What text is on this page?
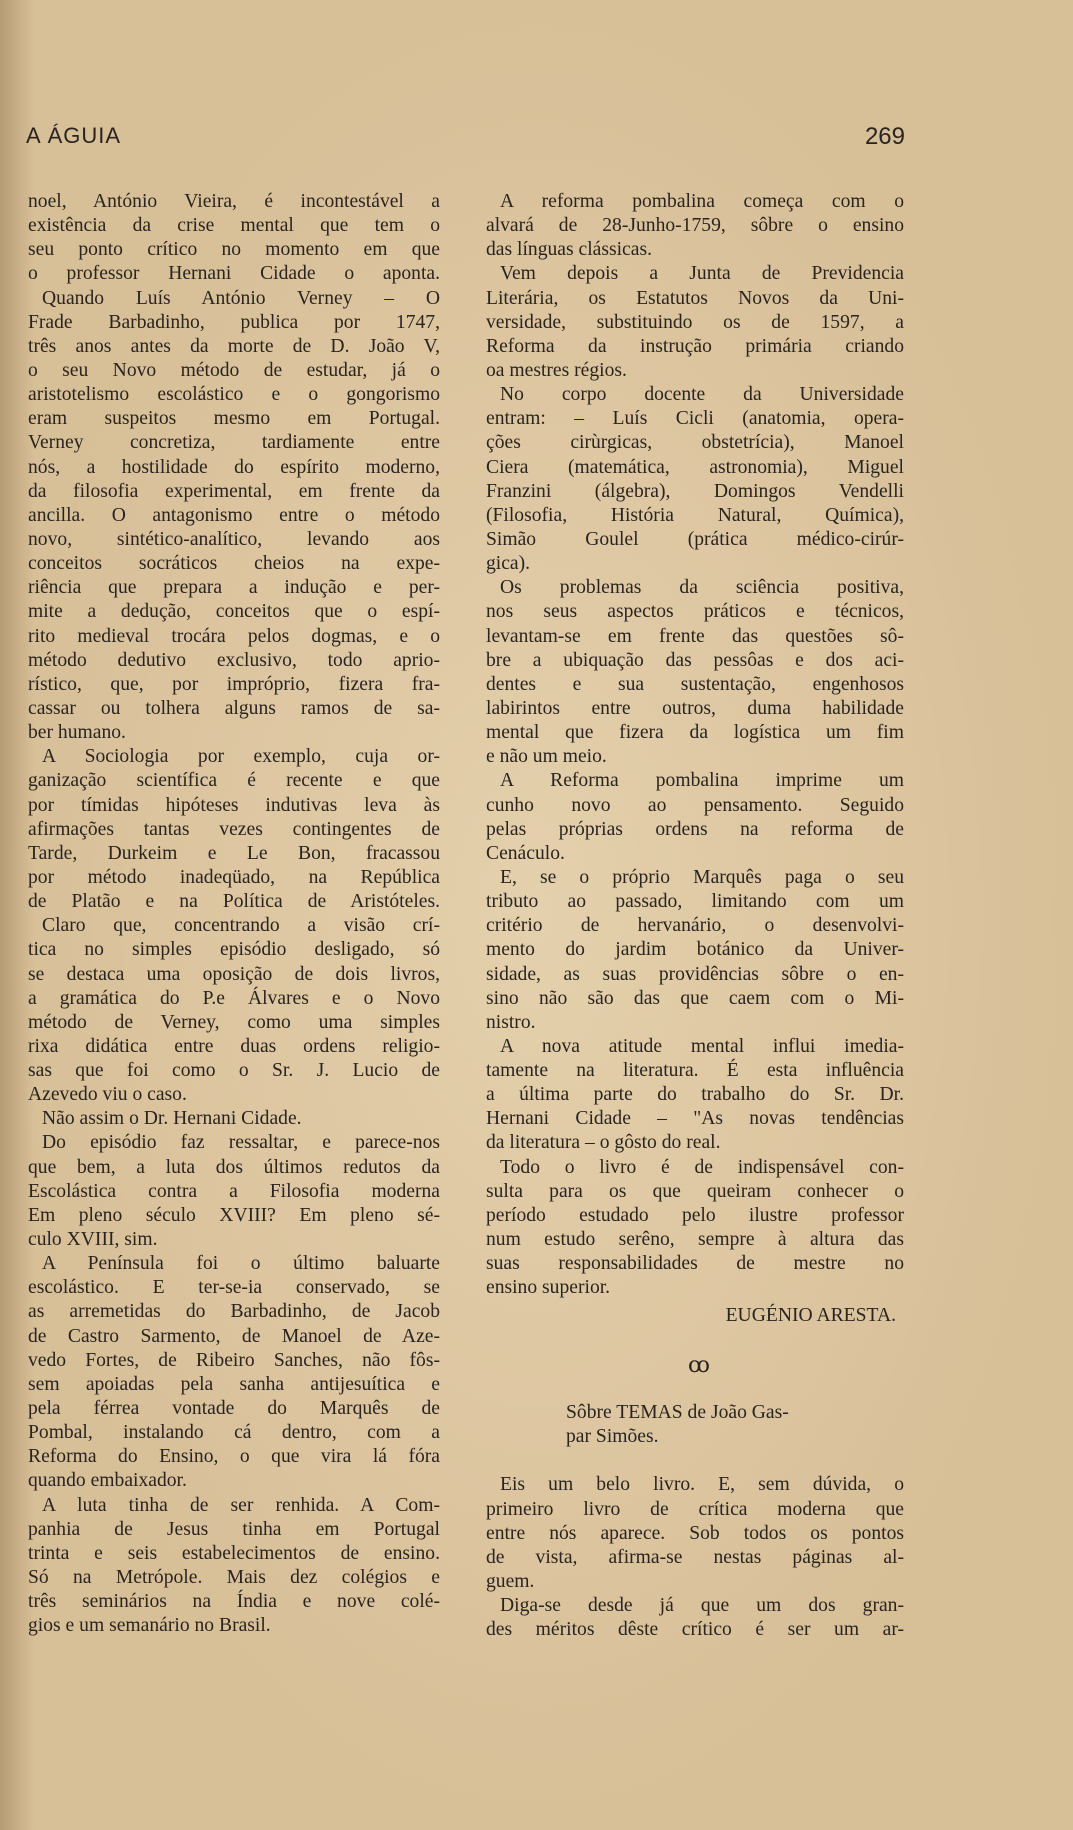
A ÁGUIA	269
noel, António Vieira, é incontestável a
existência da crise mental que tem o
seu ponto crítico no momento em que
o professor Hernani Cidade o aponta.
Quando Luís António Verney – O
Frade Barbadinho, publica por 1747,
três anos antes da morte de D. João V,
o seu Novo método de estudar, já o
aristotelismo escolástico e o gongorismo
eram suspeitos mesmo em Portugal.
Verney concretiza, tardiamente entre
nós, a hostilidade do espírito moderno,
da filosofia experimental, em frente da
ancilla. O antagonismo entre o método
novo, sintético-analítico, levando aos
conceitos socráticos cheios na expe-
riência que prepara a indução e per-
mite a dedução, conceitos que o espí-
rito medieval trocára pelos dogmas, e o
método dedutivo exclusivo, todo aprio-
rístico, que, por impróprio, fizera fra-
cassar ou tolhera alguns ramos de sa-
ber humano.
A Sociologia por exemplo, cuja or-
ganização scientífica é recente e que
por tímidas hipóteses indutivas leva às
afirmações tantas vezes contingentes de
Tarde, Durkeim e Le Bon, fracassou
por método inadeqüado, na República
de Platão e na Política de Aristóteles.
Claro que, concentrando a visão crí-
tica no simples episódio desligado, só
se destaca uma oposição de dois livros,
a gramática do P.e Álvares e o Novo
método de Verney, como uma simples
rixa didática entre duas ordens religio-
sas que foi como o Sr. J. Lucio de
Azevedo viu o caso.
Não assim o Dr. Hernani Cidade.
Do episódio faz ressaltar, e parece-nos
que bem, a luta dos últimos redutos da
Escolástica contra a Filosofia moderna
Em pleno século XVIII? Em pleno sé-
culo XVIII, sim.
A Península foi o último baluarte
escolástico. E ter-se-ia conservado, se
as arremetidas do Barbadinho, de Jacob
de Castro Sarmento, de Manoel de Aze-
vedo Fortes, de Ribeiro Sanches, não fôs-
sem apoiadas pela sanha antijesuítica e
pela férrea vontade do Marquês de
Pombal, instalando cá dentro, com a
Reforma do Ensino, o que vira lá fóra
quando embaixador.
A luta tinha de ser renhida. A Com-
panhia de Jesus tinha em Portugal
trinta e seis estabelecimentos de ensino.
Só na Metrópole. Mais dez colégios e
três seminários na Índia e nove colé-
gios e um semanário no Brasil.
A reforma pombalina começa com o
alvará de 28-Junho-1759, sôbre o ensino
das línguas clássicas.
Vem depois a Junta de Previdencia
Literária, os Estatutos Novos da Uni-
versidade, substituindo os de 1597, a
Reforma da instrução primária criando
oa mestres régios.
No corpo docente da Universidade
entram: – Luís Cicli (anatomia, opera-
ções cirùrgicas, obstetrícia), Manoel
Ciera (matemática, astronomia), Miguel
Franzini (álgebra), Domingos Vendelli
(Filosofia, História Natural, Química),
Simão Goulel (prática médico-cirúr-
gica).
Os problemas da sciência positiva,
nos seus aspectos práticos e técnicos,
levantam-se em frente das questões sô-
bre a ubiquação das pessôas e dos aci-
dentes e sua sustentação, engenhosos
labirintos entre outros, duma habilidade
mental que fizera da logística um fim
e não um meio.
A Reforma pombalina imprime um
cunho novo ao pensamento. Seguido
pelas próprias ordens na reforma de
Cenáculo.
E, se o próprio Marquês paga o seu
tributo ao passado, limitando com um
critério de hervanário, o desenvolvi-
mento do jardim botánico da Univer-
sidade, as suas providências sôbre o en-
sino não são das que caem com o Mi-
nistro.
A nova atitude mental influi imedia-
tamente na literatura. É esta influência
a última parte do trabalho do Sr. Dr.
Hernani Cidade – "As novas tendências
da literatura – o gôsto do real.
Todo o livro é de indispensável con-
sulta para os que queiram conhecer o
período estudado pelo ilustre professor
num estudo serêno, sempre à altura das
suas responsabilidades de mestre no
ensino superior.
EUGÉNIO ARESTA.
ꝏ
Sôbre TEMAS de João Gas-
par Simões.
Eis um belo livro. E, sem dúvida, o
primeiro livro de crítica moderna que
entre nós aparece. Sob todos os pontos
de vista, afirma-se nestas páginas al-
guem.
Diga-se desde já que um dos gran-
des méritos dêste crítico é ser um ar-
